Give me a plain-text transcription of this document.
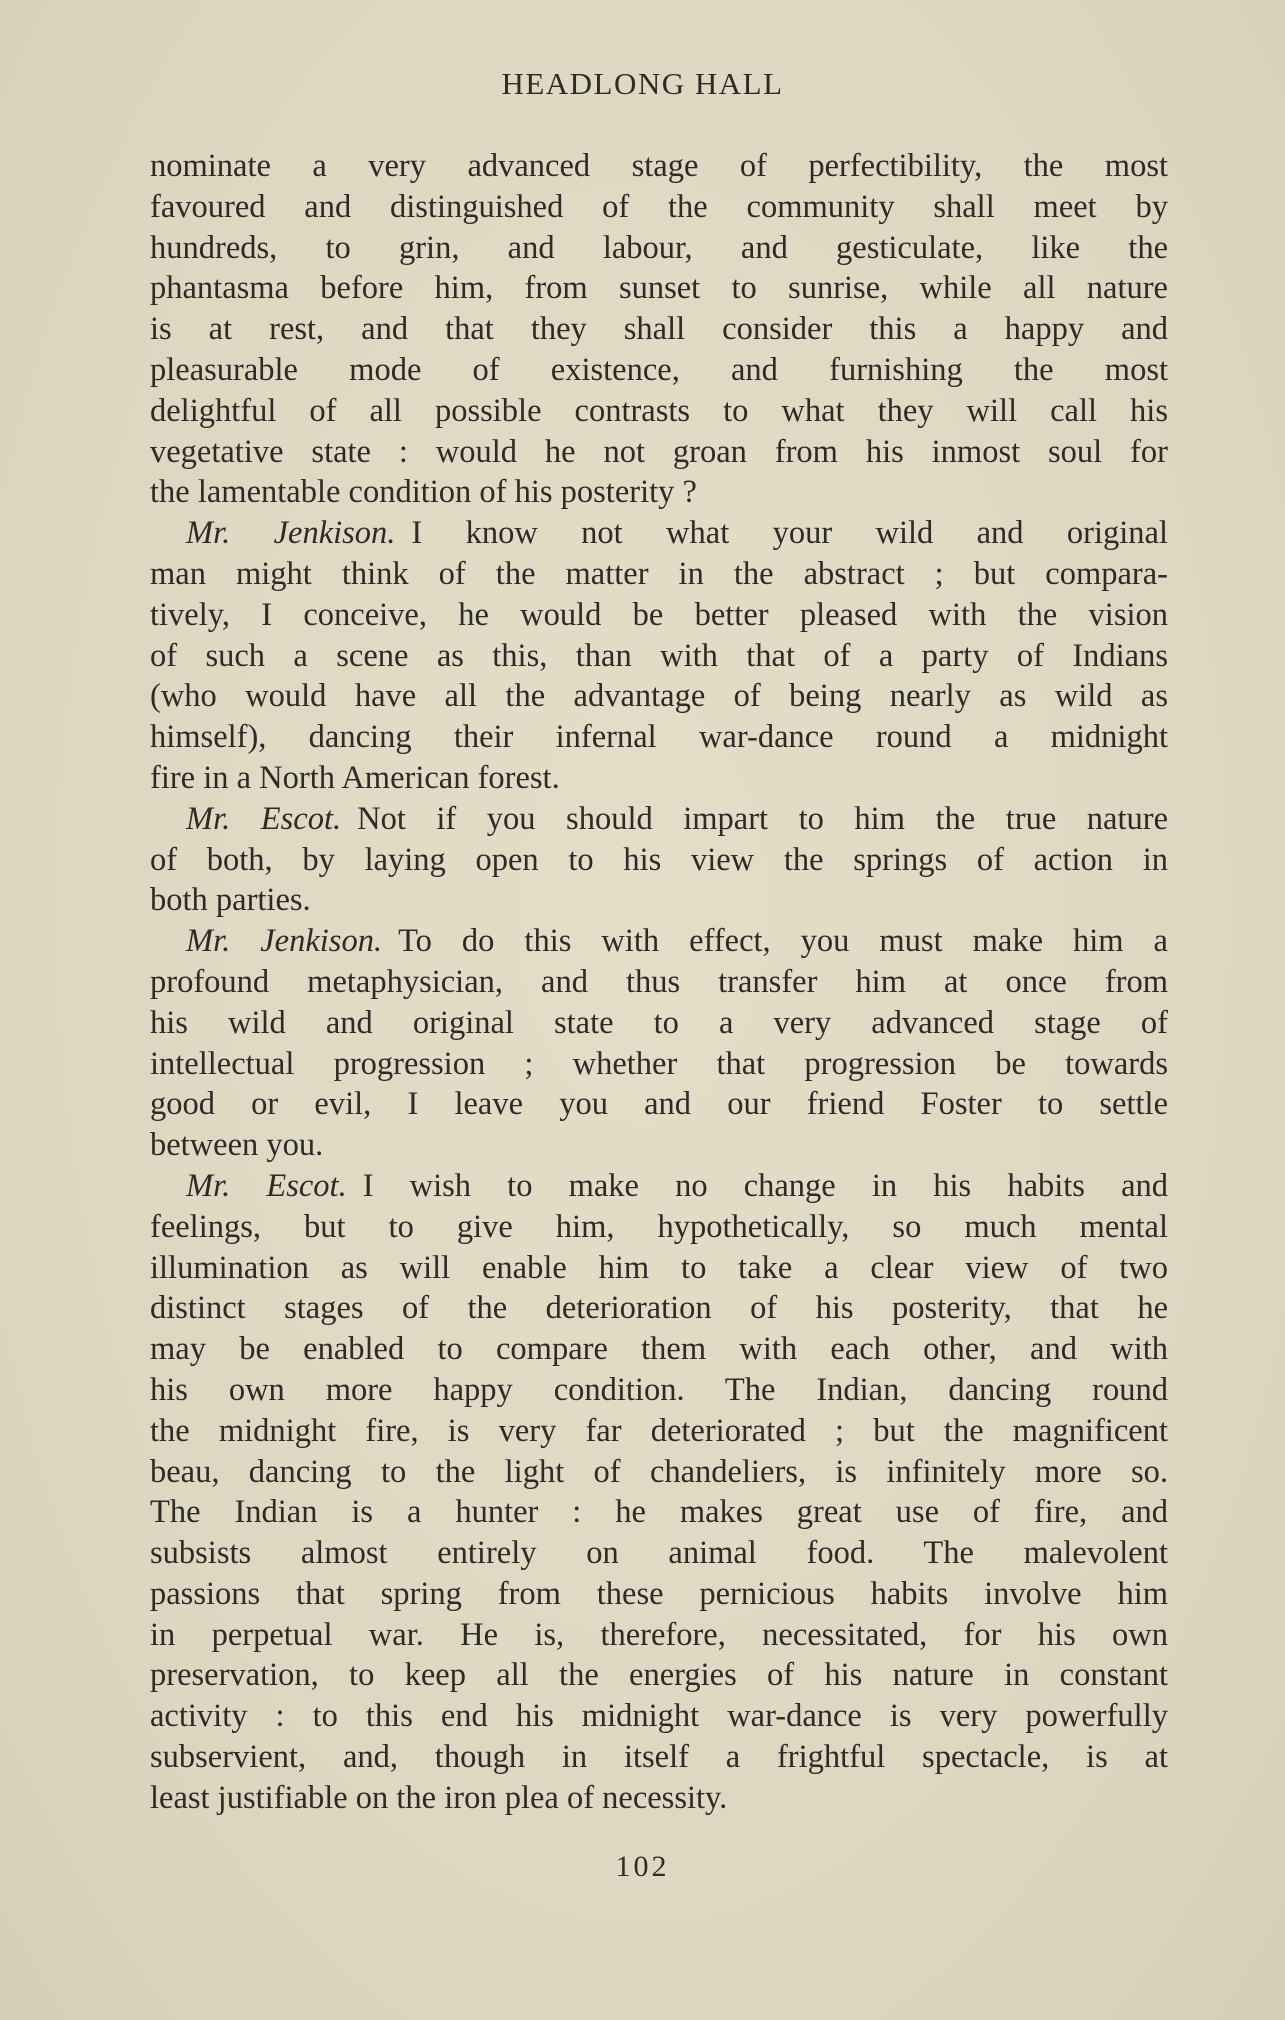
HEADLONG HALL
nominate a very advanced stage of perfectibility, the most
favoured and distinguished of the community shall meet by
hundreds, to grin, and labour, and gesticulate, like the
phantasma before him, from sunset to sunrise, while all nature
is at rest, and that they shall consider this a happy and
pleasurable mode of existence, and furnishing the most
delightful of all possible contrasts to what they will call his
vegetative state : would he not groan from his inmost soul for
the lamentable condition of his posterity ?
Mr. Jenkison. I know not what your wild and original
man might think of the matter in the abstract ; but compara-
tively, I conceive, he would be better pleased with the vision
of such a scene as this, than with that of a party of Indians
(who would have all the advantage of being nearly as wild as
himself), dancing their infernal war-dance round a midnight
fire in a North American forest.
Mr. Escot. Not if you should impart to him the true nature
of both, by laying open to his view the springs of action in
both parties.
Mr. Jenkison. To do this with effect, you must make him a
profound metaphysician, and thus transfer him at once from
his wild and original state to a very advanced stage of
intellectual progression ; whether that progression be towards
good or evil, I leave you and our friend Foster to settle
between you.
Mr. Escot. I wish to make no change in his habits and
feelings, but to give him, hypothetically, so much mental
illumination as will enable him to take a clear view of two
distinct stages of the deterioration of his posterity, that he
may be enabled to compare them with each other, and with
his own more happy condition. The Indian, dancing round
the midnight fire, is very far deteriorated ; but the magnificent
beau, dancing to the light of chandeliers, is infinitely more so.
The Indian is a hunter : he makes great use of fire, and
subsists almost entirely on animal food. The malevolent
passions that spring from these pernicious habits involve him
in perpetual war. He is, therefore, necessitated, for his own
preservation, to keep all the energies of his nature in constant
activity : to this end his midnight war-dance is very powerfully
subservient, and, though in itself a frightful spectacle, is at
least justifiable on the iron plea of necessity.
102
